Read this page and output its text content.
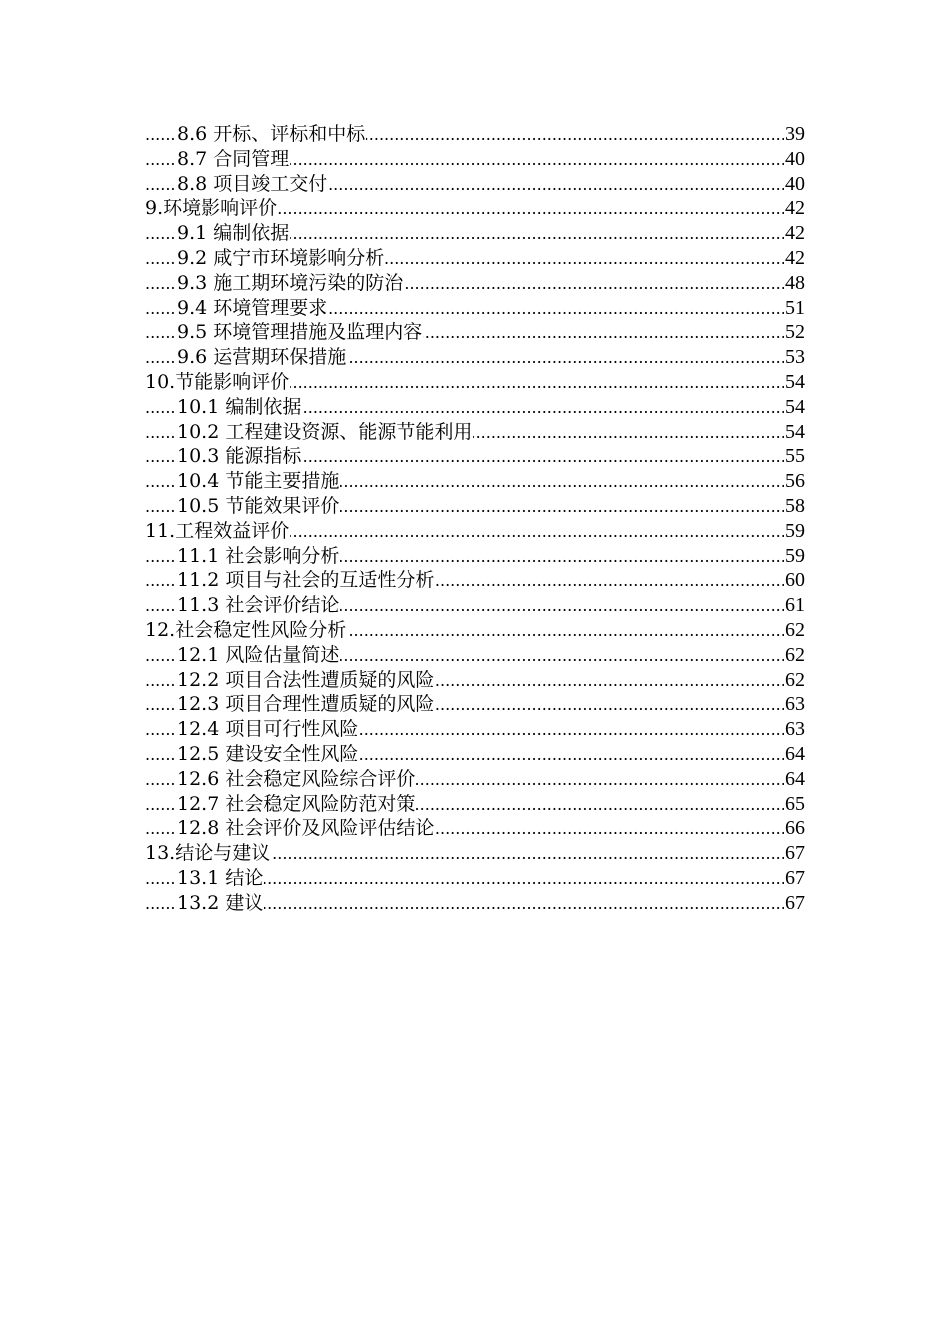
.....
8.6 开标、评标和中标	39
.....
8.7 合同管理	40
.....
8.8 项目竣工交付	40
.....
9.环境影响评价	42
.....
9.1 编制依据	42
.....
9.2 咸宁市环境影响分析	42
.....
9.3 施工期环境污染的防治	48
.....
9.4 环境管理要求	51
.....
9.5 环境管理措施及监理内容	52
.....
9.6 运营期环保措施	53
.....
10.节能影响评价	54
.....
10.1 编制依据	54
.....
10.2 工程建设资源、能源节能利用	54
.....
10.3 能源指标	55
.....
10.4 节能主要措施	56
.....
10.5 节能效果评价	58
.....
11.工程效益评价	59
.....
11.1 社会影响分析	59
.....
11.2 项目与社会的互适性分析	60
.....
11.3 社会评价结论	61
.....
12.社会稳定性风险分析	62
.....
12.1 风险估量简述	62
.....
12.2 项目合法性遭质疑的风险	62
.....
12.3 项目合理性遭质疑的风险	63
.....
12.4 项目可行性风险	63
.....
12.5 建设安全性风险	64
.....
12.6 社会稳定风险综合评价	64
.....
12.7 社会稳定风险防范对策	65
.....
12.8 社会评价及风险评估结论	66
.....
13.结论与建议	67
.....
13.1 结论	67
.....
13.2 建议	67
